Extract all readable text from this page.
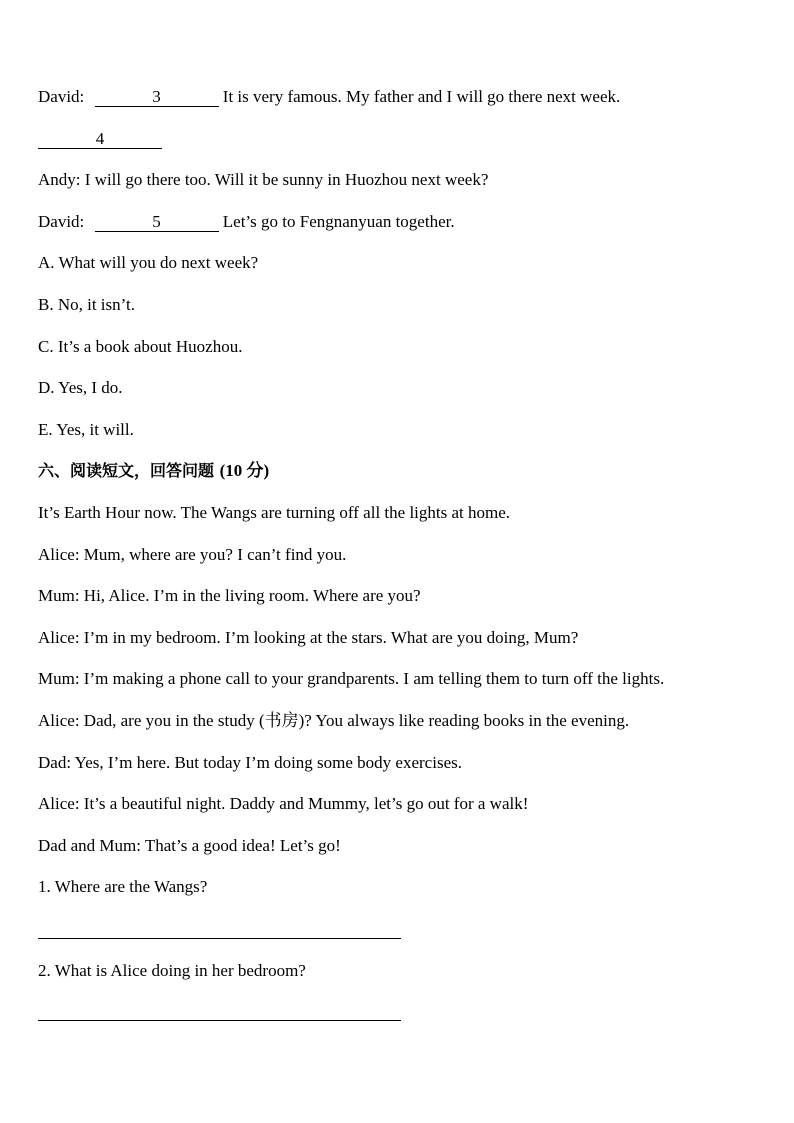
David:	3	It is very famous. My father and I will go there next week.
4
Andy: I will go there too. Will it be sunny in Huozhou next week?
David:	5	Let’s go to Fengnanyuan together.
A. What will you do next week?
B. No, it isn’t.
C. It’s a book about Huozhou.
D. Yes, I do.
E. Yes, it will.
六、阅读短文，回答问题 (10 分)
It’s Earth Hour now. The Wangs are turning off all the lights at home.
Alice: Mum, where are you? I can’t find you.
Mum: Hi, Alice. I’m in the living room. Where are you?
Alice: I’m in my bedroom. I’m looking at the stars. What are you doing, Mum?
Mum: I’m making a phone call to your grandparents. I am telling them to turn off the lights.
Alice: Dad, are you in the study (书房)? You always like reading books in the evening.
Dad: Yes, I’m here. But today I’m doing some body exercises.
Alice: It’s a beautiful night. Daddy and Mummy, let’s go out for a walk!
Dad and Mum: That’s a good idea! Let’s go!
1. Where are the Wangs?
2. What is Alice doing in her bedroom?
